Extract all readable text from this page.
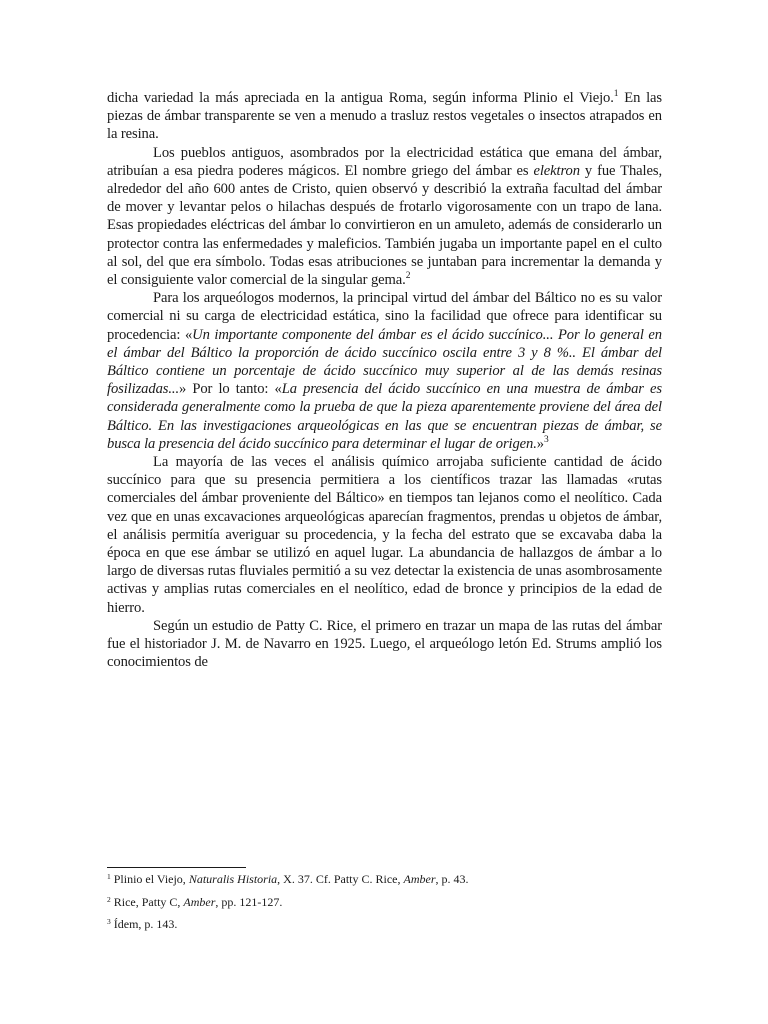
dicha variedad la más apreciada en la antigua Roma, según informa Plinio el Viejo.$^1$ En las piezas de ámbar transparente se ven a menudo a trasluz restos vegetales o insectos atrapados en la resina.

Los pueblos antiguos, asombrados por la electricidad estática que emana del ámbar, atribuían a esa piedra poderes mágicos. El nombre griego del ámbar es elektron y fue Thales, alrededor del año 600 antes de Cristo, quien observó y describió la extraña facultad del ámbar de mover y levantar pelos o hilachas después de frotarlo vigorosamente con un trapo de lana. Esas propiedades eléctricas del ámbar lo convirtieron en un amuleto, además de considerarlo un protector contra las enfermedades y maleficios. También jugaba un importante papel en el culto al sol, del que era símbolo. Todas esas atribuciones se juntaban para incrementar la demanda y el consiguiente valor comercial de la singular gema.$^2$

Para los arqueólogos modernos, la principal virtud del ámbar del Báltico no es su valor comercial ni su carga de electricidad estática, sino la facilidad que ofrece para identificar su procedencia: «Un importante componente del ámbar es el ácido succínico... Por lo general en el ámbar del Báltico la proporción de ácido succínico oscila entre 3 y 8 %.. El ámbar del Báltico contiene un porcentaje de ácido succínico muy superior al de las demás resinas fosilizadas...» Por lo tanto: «La presencia del ácido succínico en una muestra de ámbar es considerada generalmente como la prueba de que la pieza aparentemente proviene del área del Báltico. En las investigaciones arqueológicas en las que se encuentran piezas de ámbar, se busca la presencia del ácido succínico para determinar el lugar de origen.»$^3$

La mayoría de las veces el análisis químico arrojaba suficiente cantidad de ácido succínico para que su presencia permitiera a los científicos trazar las llamadas «rutas comerciales del ámbar proveniente del Báltico» en tiempos tan lejanos como el neolítico. Cada vez que en unas excavaciones arqueológicas aparecían fragmentos, prendas u objetos de ámbar, el análisis permitía averiguar su procedencia, y la fecha del estrato que se excavaba daba la época en que ese ámbar se utilizó en aquel lugar. La abundancia de hallazgos de ámbar a lo largo de diversas rutas fluviales permitió a su vez detectar la existencia de unas asombrosamente activas y amplias rutas comerciales en el neolítico, edad de bronce y principios de la edad de hierro.

Según un estudio de Patty C. Rice, el primero en trazar un mapa de las rutas del ámbar fue el historiador J. M. de Navarro en 1925. Luego, el arqueólogo letón Ed. Strums amplió los conocimientos de

$^1$ Plinio el Viejo, Naturalis Historia, X. 37. Cf. Patty C. Rice, Amber, p. 43.

$^2$ Rice, Patty C, Amber, pp. 121-127.

$^3$ Ídem, p. 143.
